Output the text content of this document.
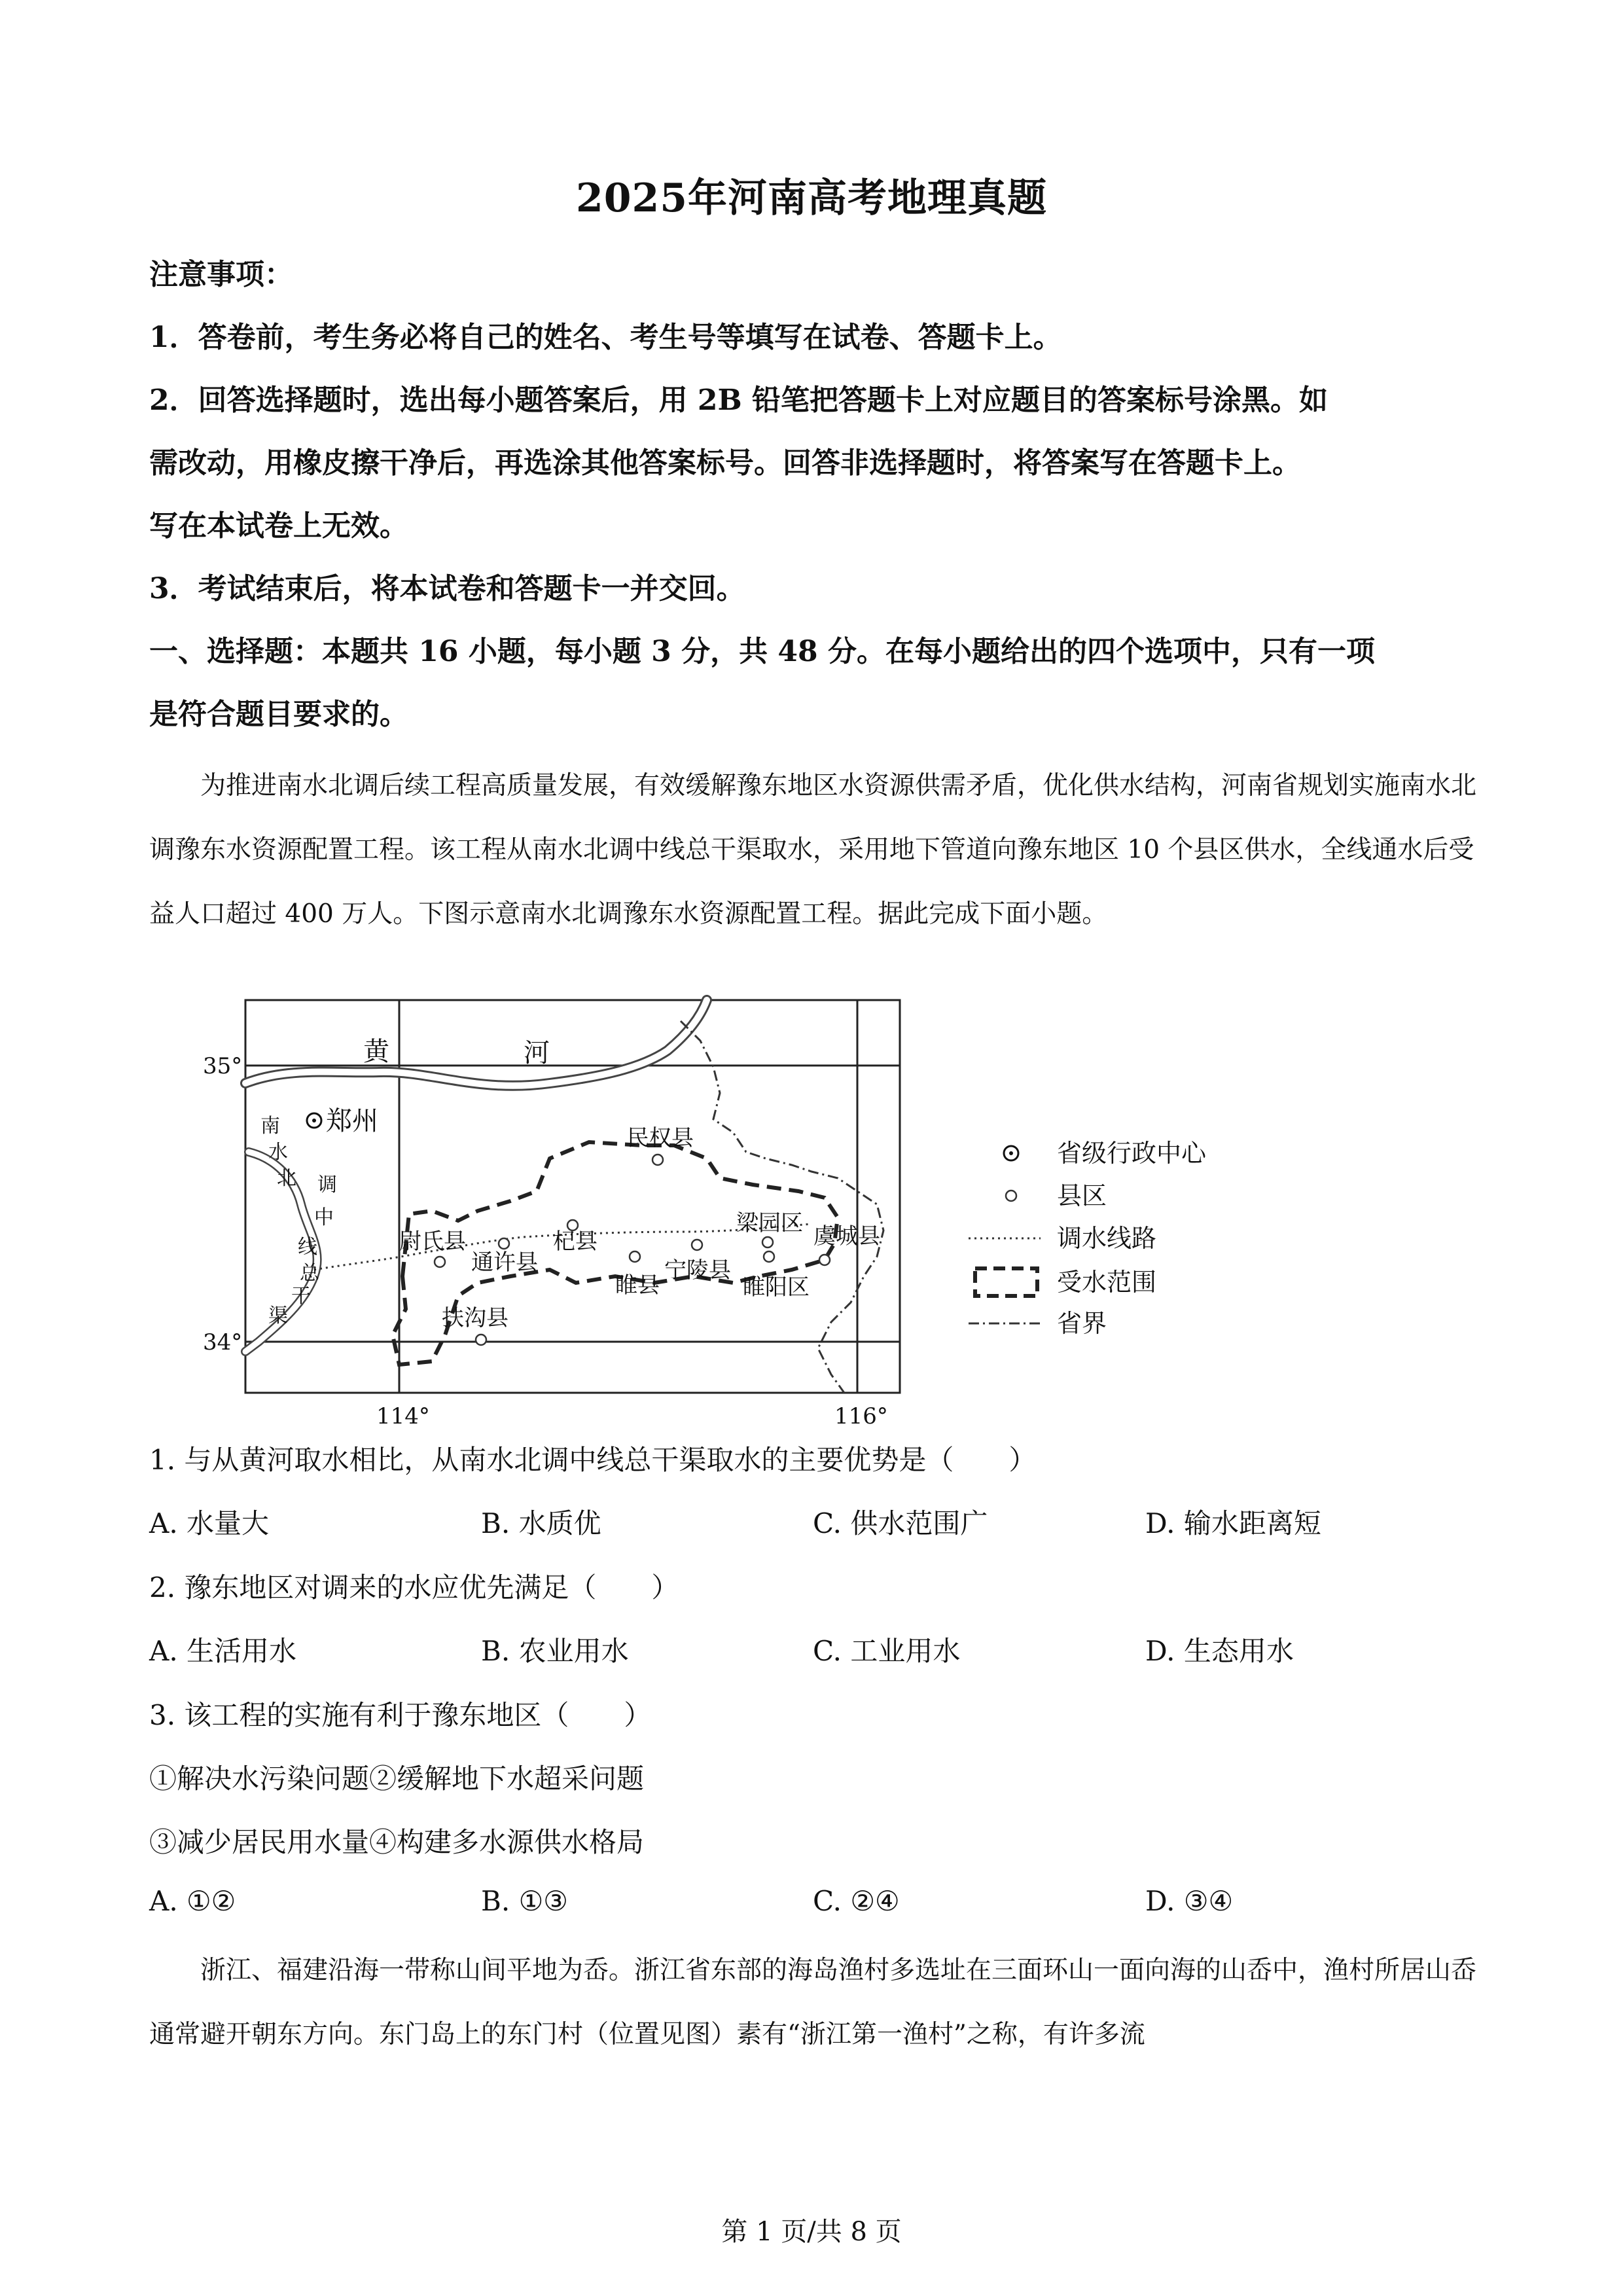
2025年河南高考地理真题
注意事项：
1．答卷前，考生务必将自己的姓名、考生号等填写在试卷、答题卡上。
2．回答选择题时，选出每小题答案后，用 2B 铅笔把答题卡上对应题目的答案标号涂黑。如
需改动，用橡皮擦干净后，再选涂其他答案标号。回答非选择题时，将答案写在答题卡上。
写在本试卷上无效。
3．考试结束后，将本试卷和答题卡一并交回。
一、选择题：本题共 16 小题，每小题 3 分，共 48 分。在每小题给出的四个选项中，只有一项
是符合题目要求的。
　　为推进南水北调后续工程高质量发展，有效缓解豫东地区水资源供需矛盾，优化供水结构，河南省规划实施南水北调豫东水资源配置工程。该工程从南水北调中线总干渠取水，采用地下管道向豫东地区 10 个县区供水，全线通水后受益人口超过 400 万人。下图示意南水北调豫东水资源配置工程。据此完成下面小题。
35°
34°
114°	116°
黄	河
南
水
北 调
中
线
总
干
渠
郑州
民权县
尉氏县
通许县
杞县
梁园区 虞城县
睢县
宁陵县
睢阳区
扶沟县
省级行政中心
县区
调水线路
受水范围
省界
1. 与从黄河取水相比，从南水北调中线总干渠取水的主要优势是（　　）
A. 水量大	B. 水质优	C. 供水范围广	D. 输水距离短
2. 豫东地区对调来的水应优先满足（　　）
A. 生活用水	B. 农业用水	C. 工业用水	D. 生态用水
3. 该工程的实施有利于豫东地区（　　）
①解决水污染问题②缓解地下水超采问题
③减少居民用水量④构建多水源供水格局
A. ①②	B. ①③	C. ②④	D. ③④
　　浙江、福建沿海一带称山间平地为岙。浙江省东部的海岛渔村多选址在三面环山一面向海的山岙中，渔村所居山岙通常避开朝东方向。东门岛上的东门村（位置见图）素有“浙江第一渔村”之称，有许多流
第 1 页/共 8 页
